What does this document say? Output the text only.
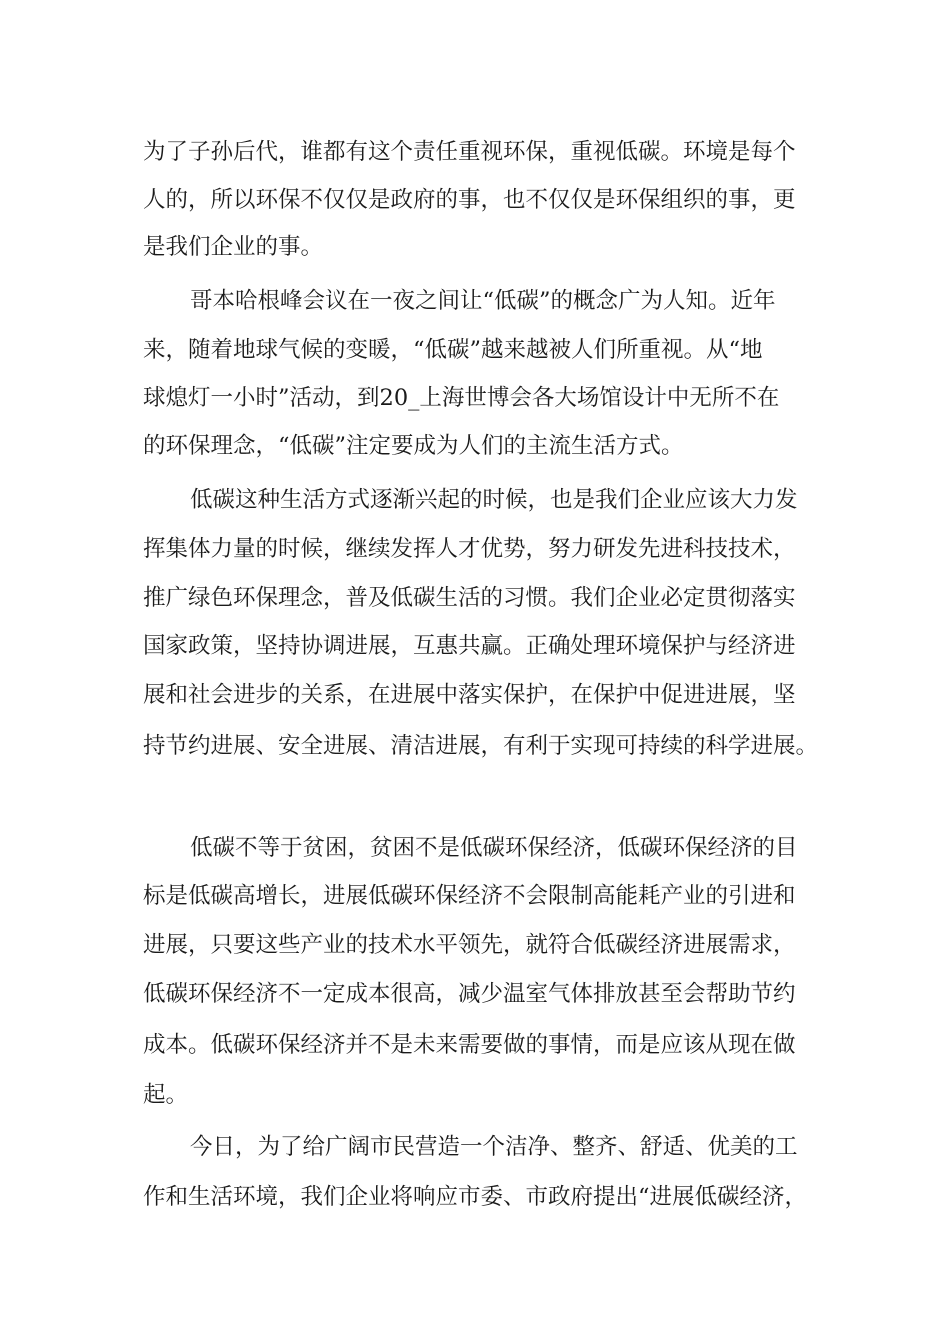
为了子孙后代，谁都有这个责任重视环保，重视低碳。环境是每个
人的，所以环保不仅仅是政府的事，也不仅仅是环保组织的事，更
是我们企业的事。
哥本哈根峰会议在一夜之间让“低碳”的概念广为人知。近年
来，随着地球气候的变暖，“低碳”越来越被人们所重视。从“地
球熄灯一小时”活动，到20_上海世博会各大场馆设计中无所不在
的环保理念，“低碳”注定要成为人们的主流生活方式。
低碳这种生活方式逐渐兴起的时候，也是我们企业应该大力发
挥集体力量的时候，继续发挥人才优势，努力研发先进科技技术，
推广绿色环保理念，普及低碳生活的习惯。我们企业必定贯彻落实
国家政策，坚持协调进展，互惠共赢。正确处理环境保护与经济进
展和社会进步的关系，在进展中落实保护，在保护中促进进展，坚
持节约进展、安全进展、清洁进展，有利于实现可持续的科学进展。
低碳不等于贫困，贫困不是低碳环保经济，低碳环保经济的目
标是低碳高增长，进展低碳环保经济不会限制高能耗产业的引进和
进展，只要这些产业的技术水平领先，就符合低碳经济进展需求，
低碳环保经济不一定成本很高，减少温室气体排放甚至会帮助节约
成本。低碳环保经济并不是未来需要做的事情，而是应该从现在做
起。
今日，为了给广阔市民营造一个洁净、整齐、舒适、优美的工
作和生活环境，我们企业将响应市委、市政府提出“进展低碳经济，
